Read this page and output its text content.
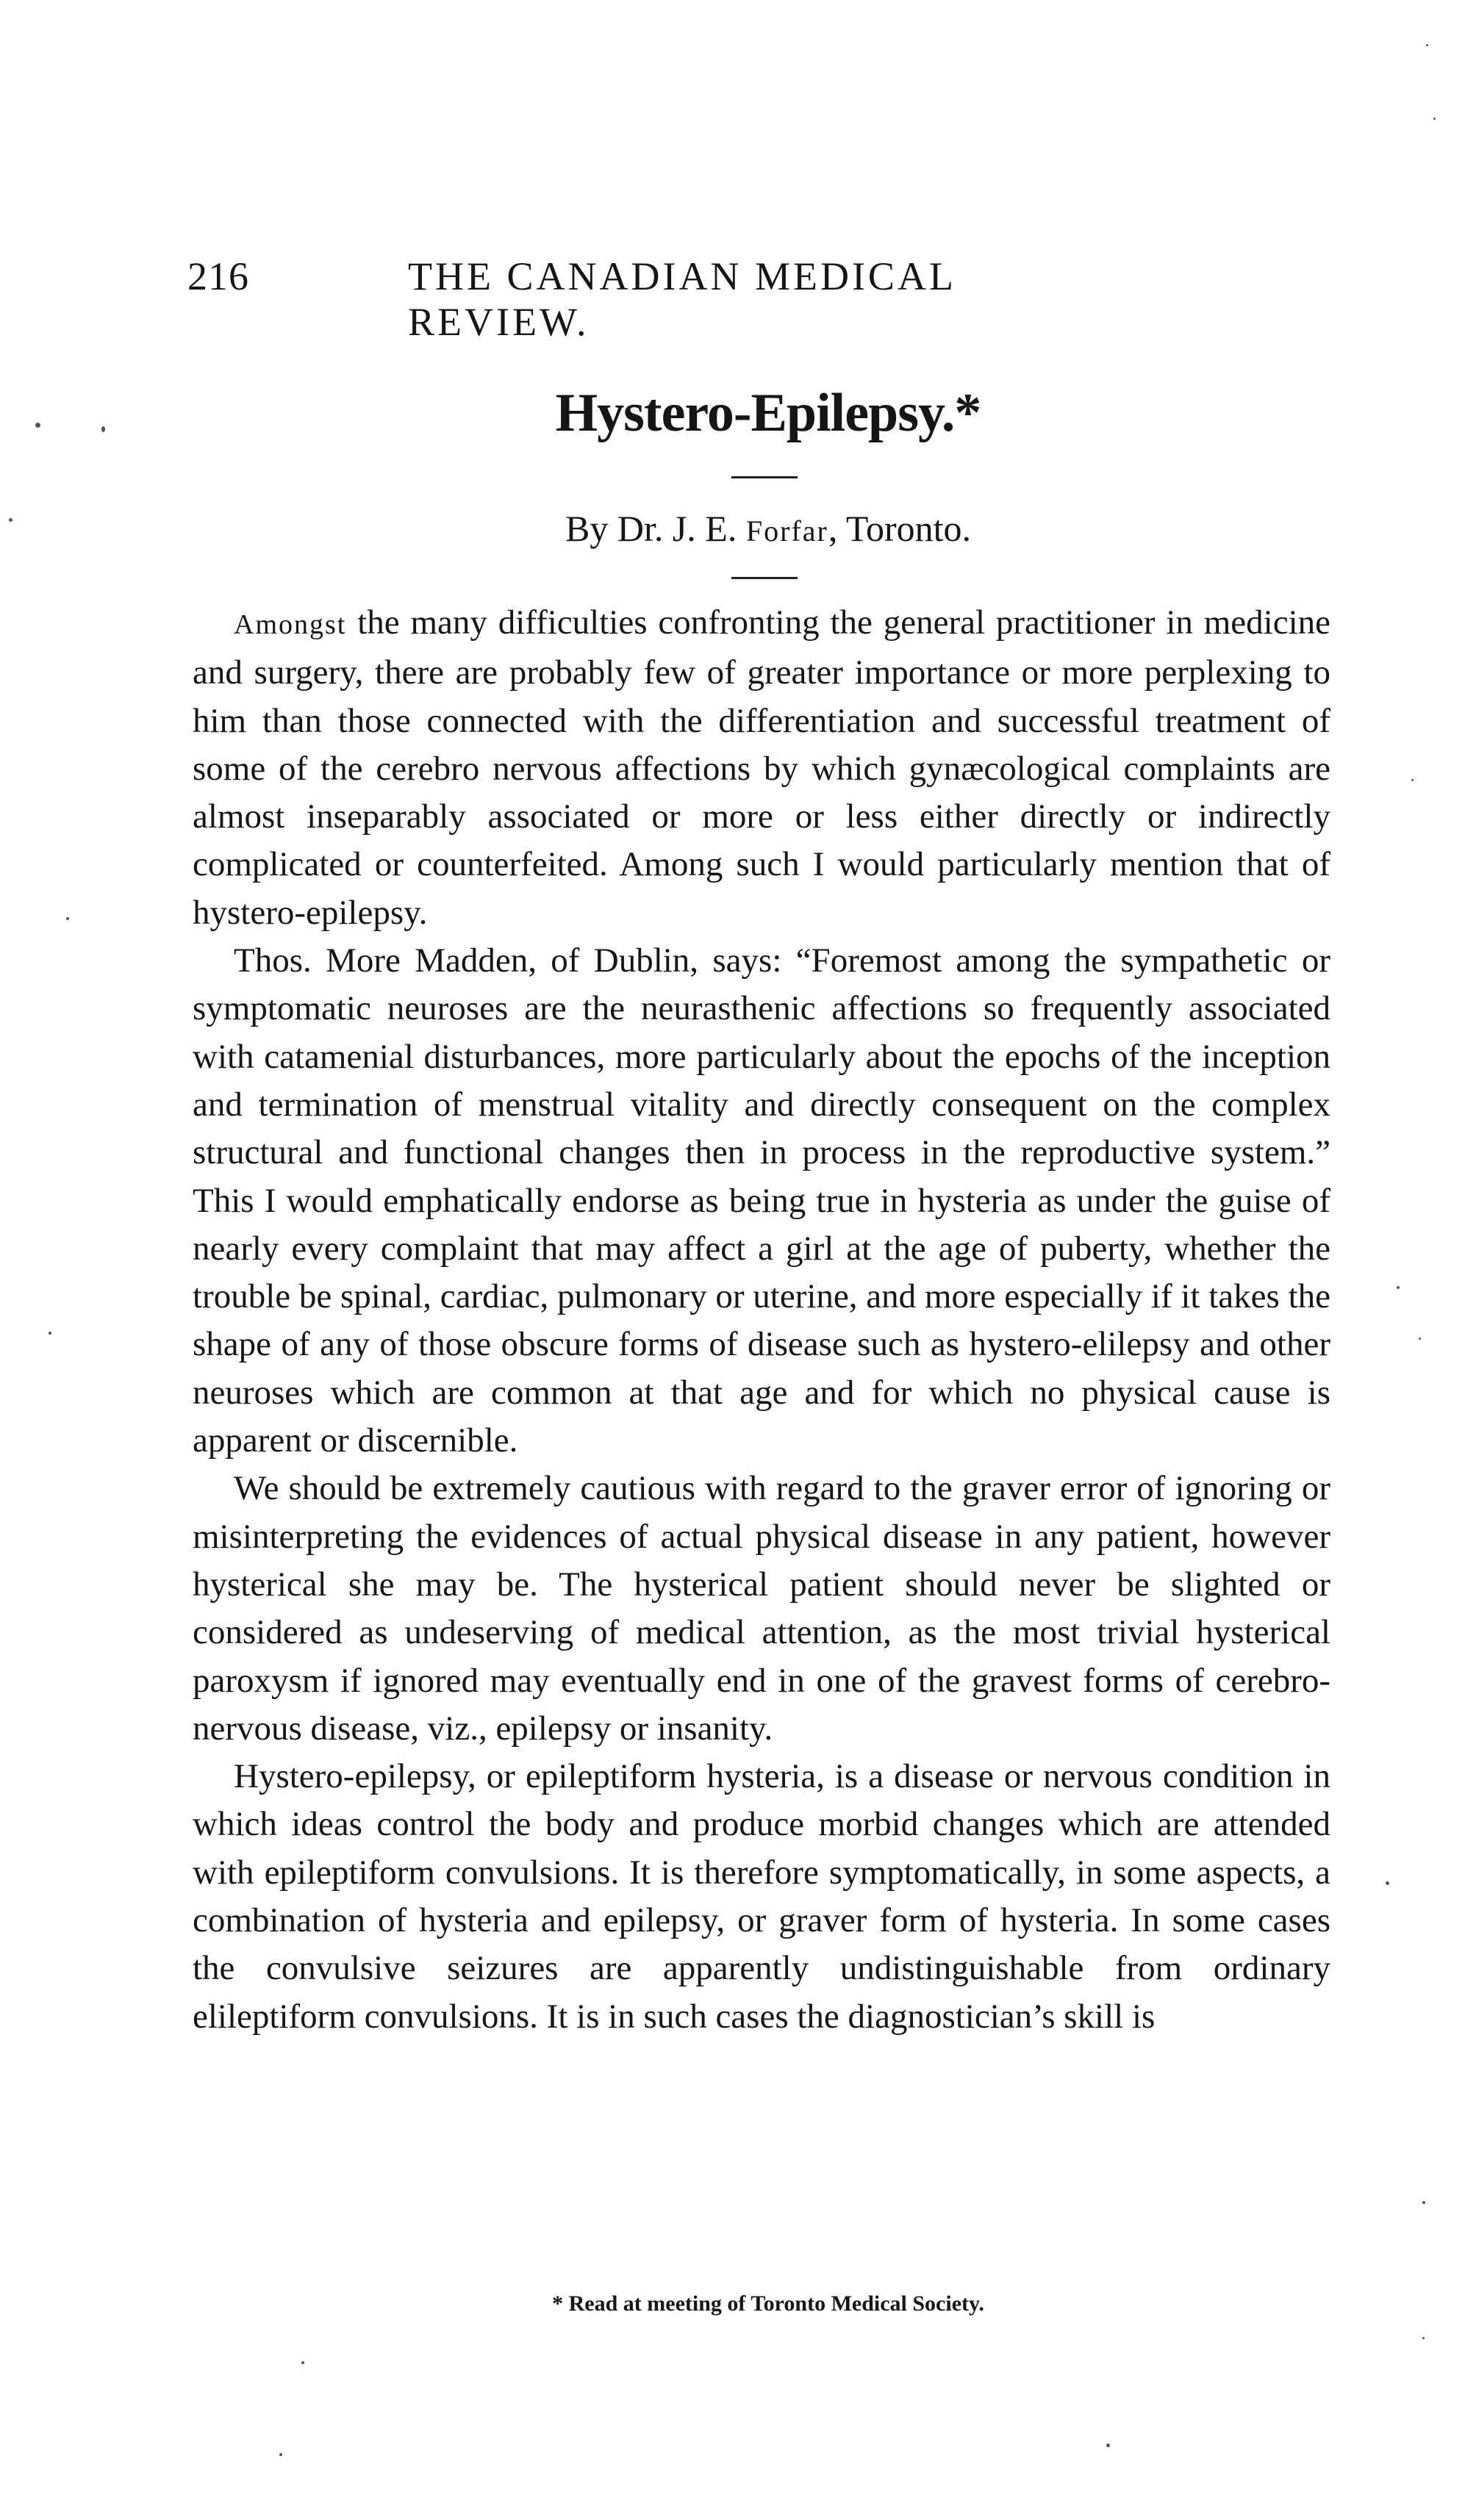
216	THE CANADIAN MEDICAL REVIEW.
Hystero-Epilepsy.*
By Dr. J. E. Forfar, Toronto.

Amongst the many difficulties confronting the general practitioner in medicine and surgery, there are probably few of greater importance or more perplexing to him than those connected with the differentiation and successful treatment of some of the cerebro nervous affections by which gynæcological complaints are almost inseparably associated or more or less either directly or indirectly complicated or counterfeited. Among such I would particularly mention that of hystero-epilepsy.

Thos. More Madden, of Dublin, says: “Foremost among the sympathetic or symptomatic neuroses are the neurasthenic affections so frequently associated with catamenial disturbances, more particularly about the epochs of the inception and termination of menstrual vitality and directly consequent on the complex structural and functional changes then in process in the reproductive system.” This I would emphatically endorse as being true in hysteria as under the guise of nearly every complaint that may affect a girl at the age of puberty, whether the trouble be spinal, cardiac, pulmonary or uterine, and more especially if it takes the shape of any of those obscure forms of disease such as hystero-elilepsy and other neuroses which are common at that age and for which no physical cause is apparent or discernible.

We should be extremely cautious with regard to the graver error of ignoring or misinterpreting the evidences of actual physical disease in any patient, however hysterical she may be. The hysterical patient should never be slighted or considered as undeserving of medical attention, as the most trivial hysterical paroxysm if ignored may eventually end in one of the gravest forms of cerebro-nervous disease, viz., epilepsy or insanity.

Hystero-epilepsy, or epileptiform hysteria, is a disease or nervous condition in which ideas control the body and produce morbid changes which are attended with epileptiform convulsions. It is therefore symptomatically, in some aspects, a combination of hysteria and epilepsy, or graver form of hysteria. In some cases the convulsive seizures are apparently undistinguishable from ordinary elileptiform convulsions. It is in such cases the diagnostician’s skill is

* Read at meeting of Toronto Medical Society.
